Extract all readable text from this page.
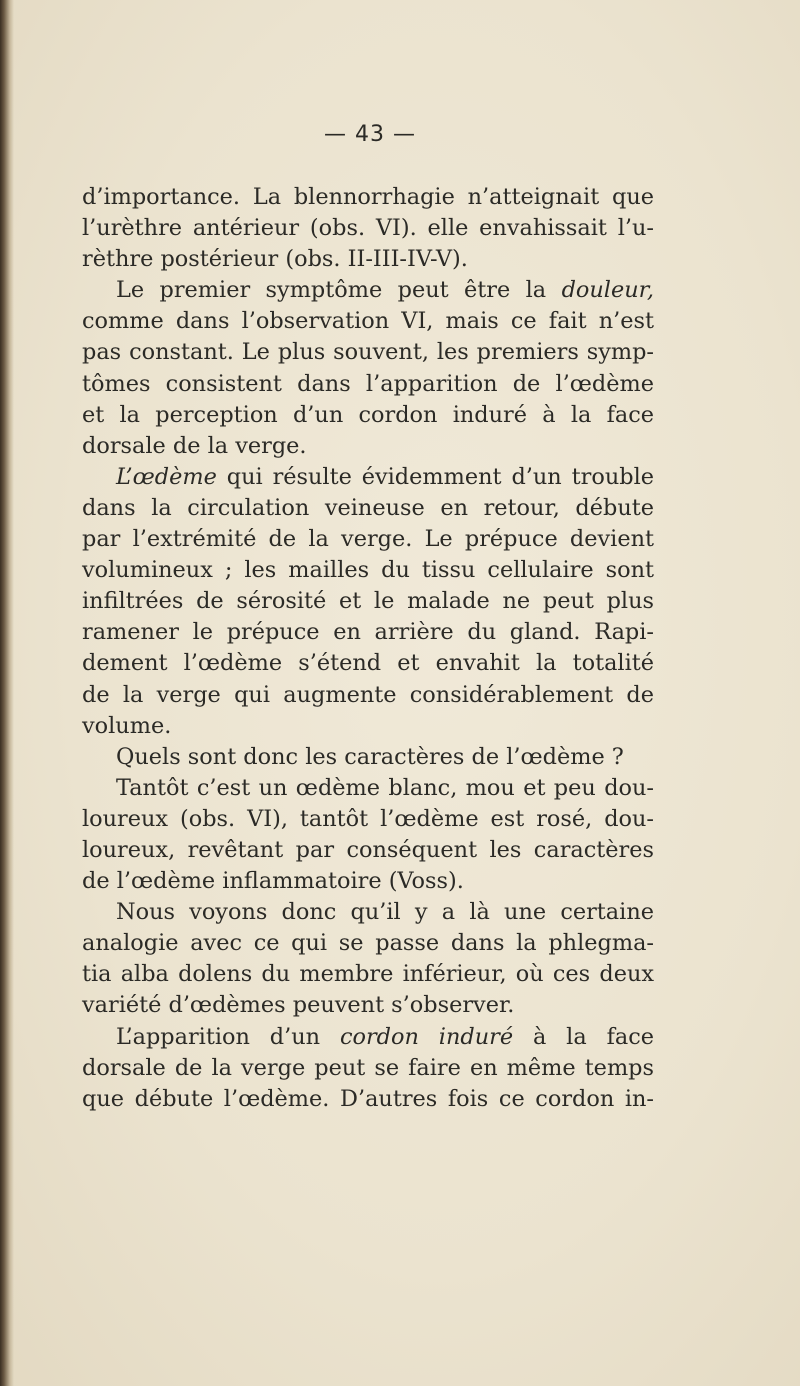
— 43 —
d’importance. La blennorrhagie n’atteignait que
l’urèthre antérieur (obs. VI). elle envahissait l’u-
rèthre postérieur (obs. II-III-IV-V).
Le premier symptôme peut être la douleur,
comme dans l’observation VI, mais ce fait n’est
pas constant. Le plus souvent, les premiers symp-
tômes consistent dans l’apparition de l’œdème
et la perception d’un cordon induré à la face
dorsale de la verge.
L’œdème qui résulte évidemment d’un trouble
dans la circulation veineuse en retour, débute
par l’extrémité de la verge. Le prépuce devient
volumineux ; les mailles du tissu cellulaire sont
infiltrées de sérosité et le malade ne peut plus
ramener le prépuce en arrière du gland. Rapi-
dement l’œdème s’étend et envahit la totalité
de la verge qui augmente considérablement de
volume.
Quels sont donc les caractères de l’œdème ?
Tantôt c’est un œdème blanc, mou et peu dou-
loureux (obs. VI), tantôt l’œdème est rosé, dou-
loureux, revêtant par conséquent les caractères
de l’œdème inflammatoire (Voss).
Nous voyons donc qu’il y a là une certaine
analogie avec ce qui se passe dans la phlegma-
tia alba dolens du membre inférieur, où ces deux
variété d’œdèmes peuvent s’observer.
L’apparition d’un cordon induré à la face
dorsale de la verge peut se faire en même temps
que débute l’œdème. D’autres fois ce cordon in-
